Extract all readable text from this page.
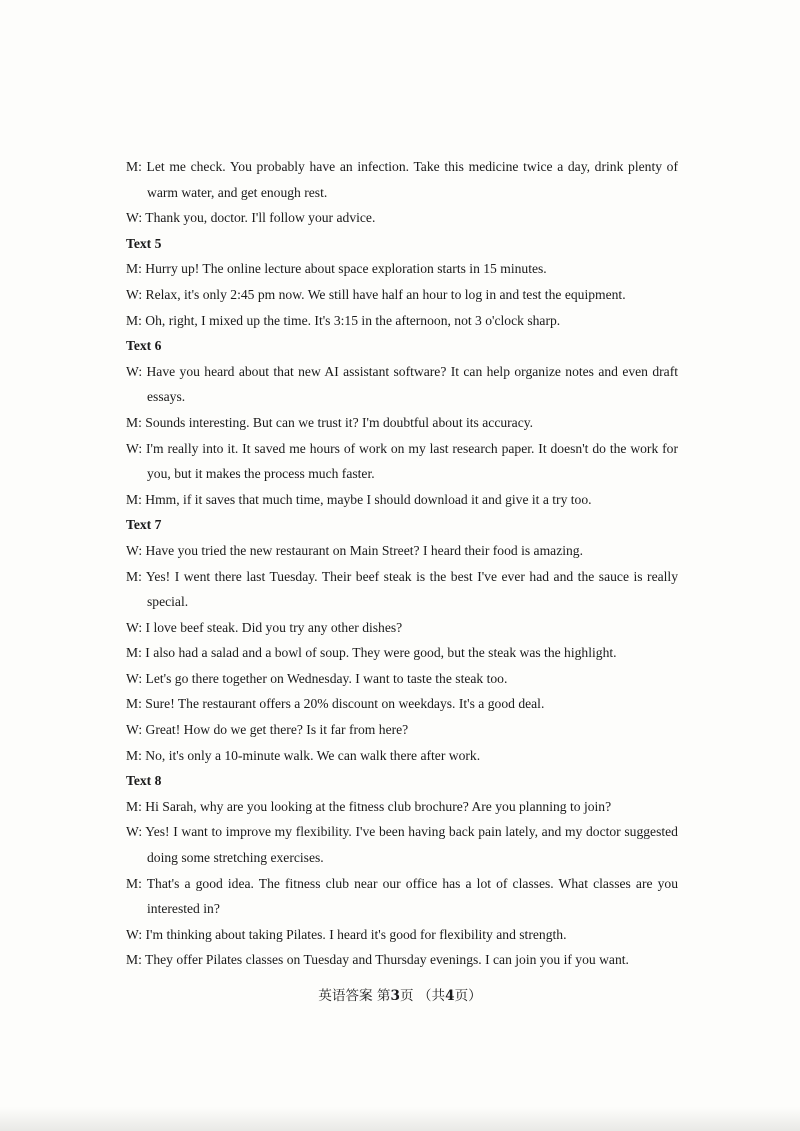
M: Let me check. You probably have an infection. Take this medicine twice a day, drink plenty of warm water, and get enough rest.
W: Thank you, doctor. I'll follow your advice.
Text 5
M: Hurry up! The online lecture about space exploration starts in 15 minutes.
W: Relax, it's only 2:45 pm now. We still have half an hour to log in and test the equipment.
M: Oh, right, I mixed up the time. It's 3:15 in the afternoon, not 3 o'clock sharp.
Text 6
W: Have you heard about that new AI assistant software? It can help organize notes and even draft essays.
M: Sounds interesting. But can we trust it? I'm doubtful about its accuracy.
W: I'm really into it. It saved me hours of work on my last research paper. It doesn't do the work for you, but it makes the process much faster.
M: Hmm, if it saves that much time, maybe I should download it and give it a try too.
Text 7
W: Have you tried the new restaurant on Main Street? I heard their food is amazing.
M: Yes! I went there last Tuesday. Their beef steak is the best I've ever had and the sauce is really special.
W: I love beef steak. Did you try any other dishes?
M: I also had a salad and a bowl of soup. They were good, but the steak was the highlight.
W: Let's go there together on Wednesday. I want to taste the steak too.
M: Sure! The restaurant offers a 20% discount on weekdays. It's a good deal.
W: Great! How do we get there? Is it far from here?
M: No, it's only a 10-minute walk. We can walk there after work.
Text 8
M: Hi Sarah, why are you looking at the fitness club brochure? Are you planning to join?
W: Yes! I want to improve my flexibility. I've been having back pain lately, and my doctor suggested doing some stretching exercises.
M: That's a good idea. The fitness club near our office has a lot of classes. What classes are you interested in?
W: I'm thinking about taking Pilates. I heard it's good for flexibility and strength.
M: They offer Pilates classes on Tuesday and Thursday evenings. I can join you if you want.
英语答案 第3页 （共4页）
